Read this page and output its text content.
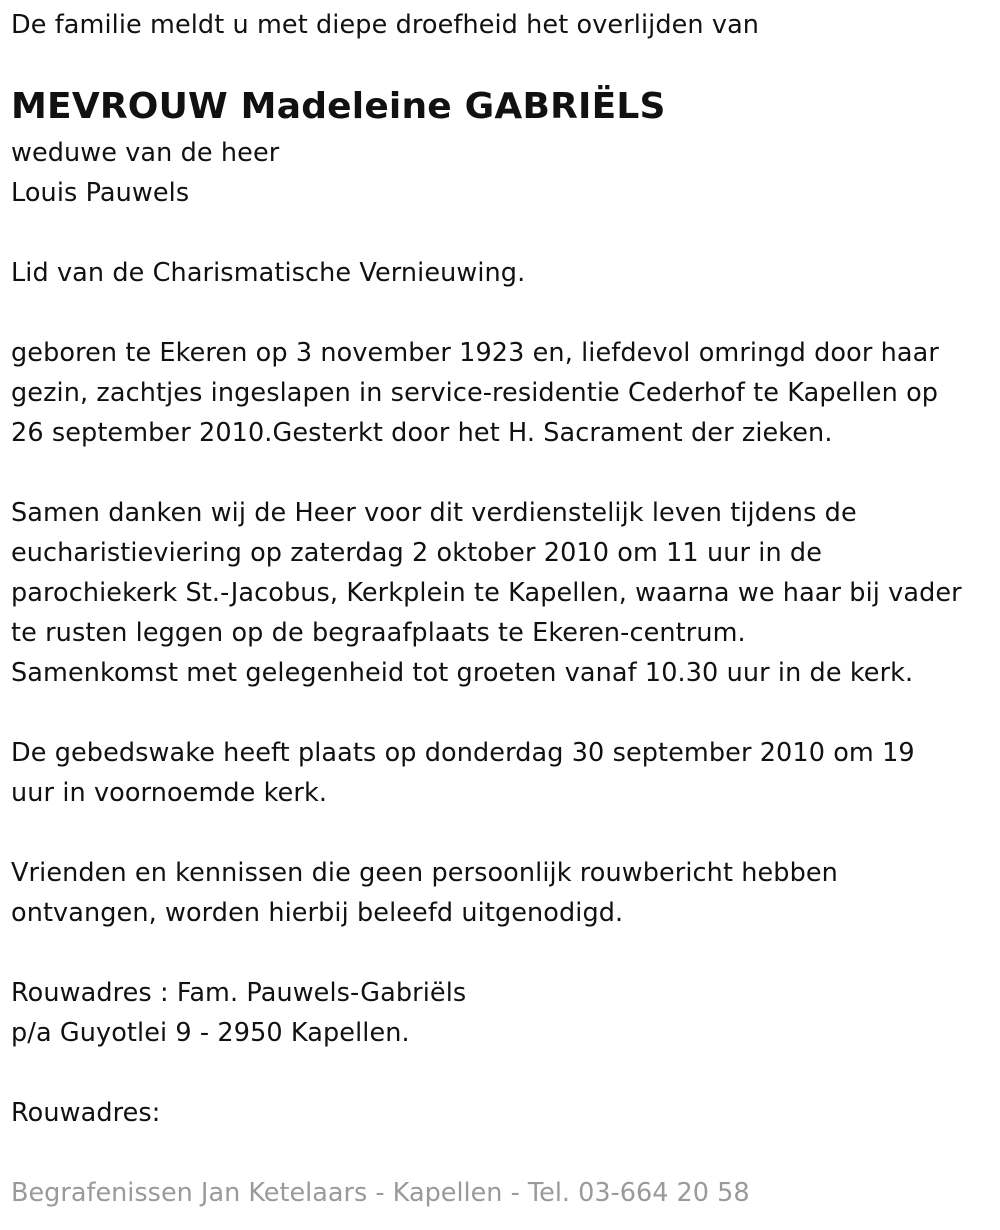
De familie meldt u met diepe droefheid het overlijden van
MEVROUW Madeleine GABRIËLS
weduwe van de heer
Louis Pauwels
Lid van de Charismatische Vernieuwing.
geboren te Ekeren op 3 november 1923 en, liefdevol omringd door haar
gezin, zachtjes ingeslapen in service-residentie Cederhof te Kapellen op
26 september 2010.Gesterkt door het H. Sacrament der zieken.
Samen danken wij de Heer voor dit verdienstelijk leven tijdens de
eucharistieviering op zaterdag 2 oktober 2010 om 11 uur in de
parochiekerk St.-Jacobus, Kerkplein te Kapellen, waarna we haar bij vader
te rusten leggen op de begraafplaats te Ekeren-centrum.
Samenkomst met gelegenheid tot groeten vanaf 10.30 uur in de kerk.
De gebedswake heeft plaats op donderdag 30 september 2010 om 19
uur in voornoemde kerk.
Vrienden en kennissen die geen persoonlijk rouwbericht hebben
ontvangen, worden hierbij beleefd uitgenodigd.
Rouwadres : Fam. Pauwels-Gabriëls
p/a Guyotlei 9 - 2950 Kapellen.
Rouwadres:
Begrafenissen Jan Ketelaars - Kapellen - Tel. 03-664 20 58
